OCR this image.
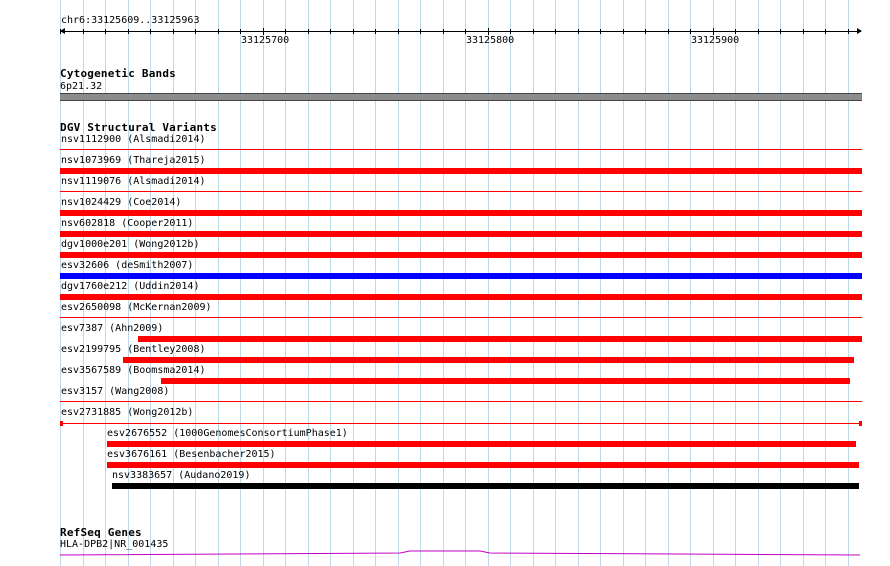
chr6:33125609..33125963
33125700	33125800	33125900
Cytogenetic Bands
6p21.32
DGV Structural Variants
nsv1112900 (Alsmadi2014)
nsv1073969 (Thareja2015)
nsv1119076 (Alsmadi2014)
nsv1024429 (Coe2014)
nsv602818 (Cooper2011)
dgv1000e201 (Wong2012b)
esv32606 (deSmith2007)
dgv1760e212 (Uddin2014)
esv2650098 (McKernan2009)
esv7387 (Ahn2009)
esv2199795 (Bentley2008)
esv3567589 (Boomsma2014)
esv3157 (Wang2008)
esv2731885 (Wong2012b)
esv2676552 (1000GenomesConsortiumPhase1)
esv3676161 (Besenbacher2015)
nsv3383657 (Audano2019)
RefSeq Genes
HLA-DPB2|NR_001435
